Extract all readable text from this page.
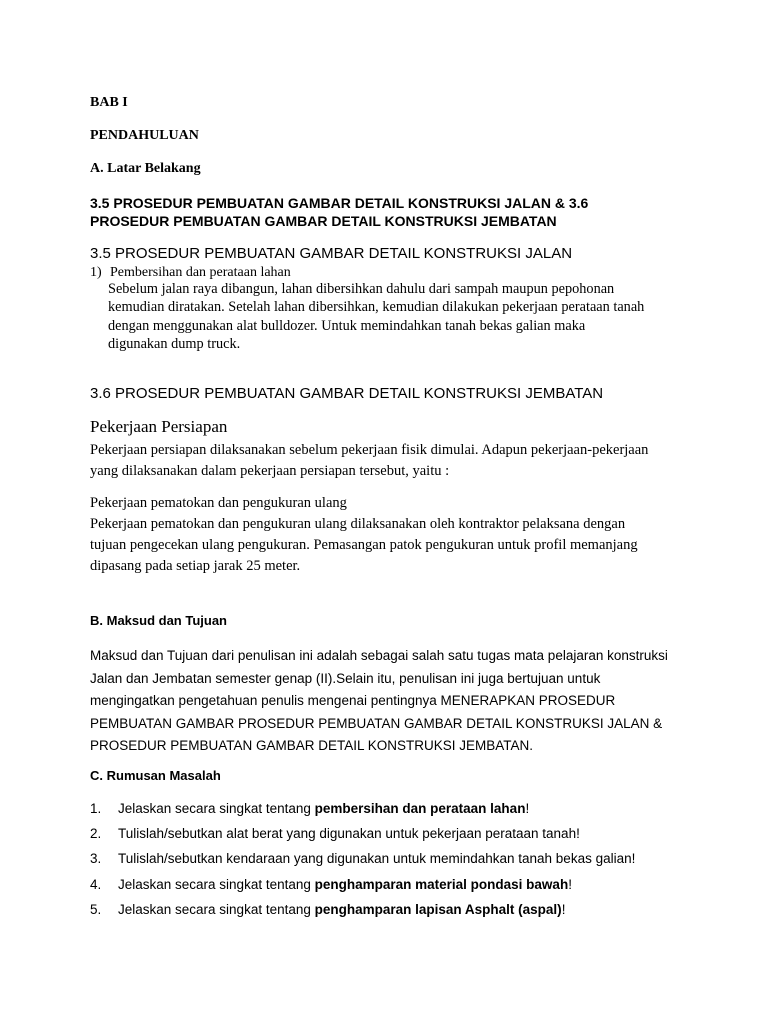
BAB I
PENDAHULUAN
A. Latar Belakang
3.5 PROSEDUR PEMBUATAN GAMBAR DETAIL KONSTRUKSI JALAN & 3.6
PROSEDUR PEMBUATAN GAMBAR DETAIL KONSTRUKSI JEMBATAN
3.5 PROSEDUR PEMBUATAN GAMBAR DETAIL KONSTRUKSI JALAN
1) Pembersihan dan perataan lahan
Sebelum jalan raya dibangun, lahan dibersihkan dahulu dari sampah maupun pepohonan
kemudian diratakan. Setelah lahan dibersihkan, kemudian dilakukan pekerjaan perataan tanah
dengan menggunakan alat bulldozer. Untuk memindahkan tanah bekas galian maka
digunakan dump truck.
3.6 PROSEDUR PEMBUATAN GAMBAR DETAIL KONSTRUKSI JEMBATAN
Pekerjaan Persiapan
Pekerjaan persiapan dilaksanakan sebelum pekerjaan fisik dimulai. Adapun pekerjaan-pekerjaan
yang dilaksanakan dalam pekerjaan persiapan tersebut, yaitu :
Pekerjaan pematokan dan pengukuran ulang
Pekerjaan pematokan dan pengukuran ulang dilaksanakan oleh kontraktor pelaksana dengan
tujuan pengecekan ulang pengukuran. Pemasangan patok pengukuran untuk profil memanjang
dipasang pada setiap jarak 25 meter.
B. Maksud dan Tujuan
Maksud dan Tujuan dari penulisan ini adalah sebagai salah satu tugas mata pelajaran konstruksi
Jalan dan Jembatan semester genap (II).Selain itu, penulisan ini juga bertujuan untuk
mengingatkan pengetahuan penulis mengenai pentingnya MENERAPKAN PROSEDUR
PEMBUATAN GAMBAR PROSEDUR PEMBUATAN GAMBAR DETAIL KONSTRUKSI JALAN &
PROSEDUR PEMBUATAN GAMBAR DETAIL KONSTRUKSI JEMBATAN.
C. Rumusan Masalah
1. Jelaskan secara singkat tentang pembersihan dan perataan lahan!
2. Tulislah/sebutkan alat berat yang digunakan untuk pekerjaan perataan tanah!
3. Tulislah/sebutkan kendaraan yang digunakan untuk memindahkan tanah bekas galian!
4. Jelaskan secara singkat tentang penghamparan material pondasi bawah!
5. Jelaskan secara singkat tentang penghamparan lapisan Asphalt (aspal)!
